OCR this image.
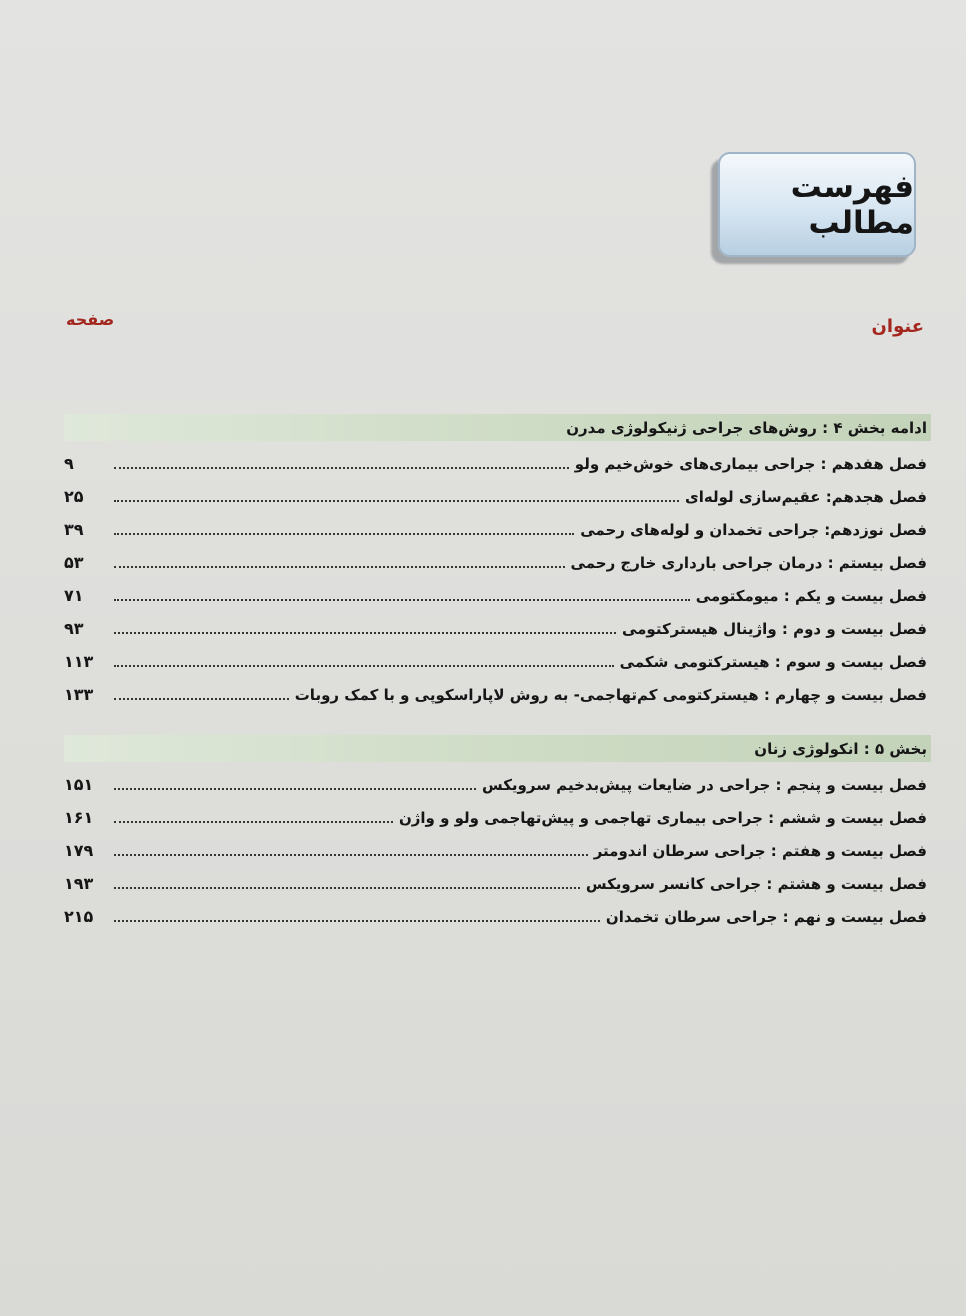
فهرست مطالب
عنوان
صفحه
ادامه بخش ۴ : روش‌های جراحی ژنیکولوژی مدرن
فصل هفدهم : جراحی بیماری‌های خوش‌خیم ولو
۹
فصل هجدهم: عقیم‌سازی لوله‌ای
۲۵
فصل نوزدهم: جراحی تخمدان و لوله‌های رحمی
۳۹
فصل بیستم : درمان جراحی بارداری خارج رحمی
۵۳
فصل بیست و یکم : میومکتومی
۷۱
فصل بیست و دوم : واژینال هیسترکتومی
۹۳
فصل بیست و سوم : هیسترکتومی شکمی
۱۱۳
فصل بیست و چهارم : هیسترکتومی کم‌تهاجمی- به روش لاپاراسکوپی و با کمک روبات
۱۳۳
بخش ۵ : انکولوژی زنان
فصل بیست و پنجم : جراحی در ضایعات پیش‌بدخیم سرویکس
۱۵۱
فصل بیست و ششم : جراحی بیماری تهاجمی و پیش‌تهاجمی ولو و واژن
۱۶۱
فصل بیست و هفتم : جراحی سرطان اندومتر
۱۷۹
فصل بیست و هشتم : جراحی کانسر سرویکس
۱۹۳
فصل بیست و نهم : جراحی سرطان تخمدان
۲۱۵
